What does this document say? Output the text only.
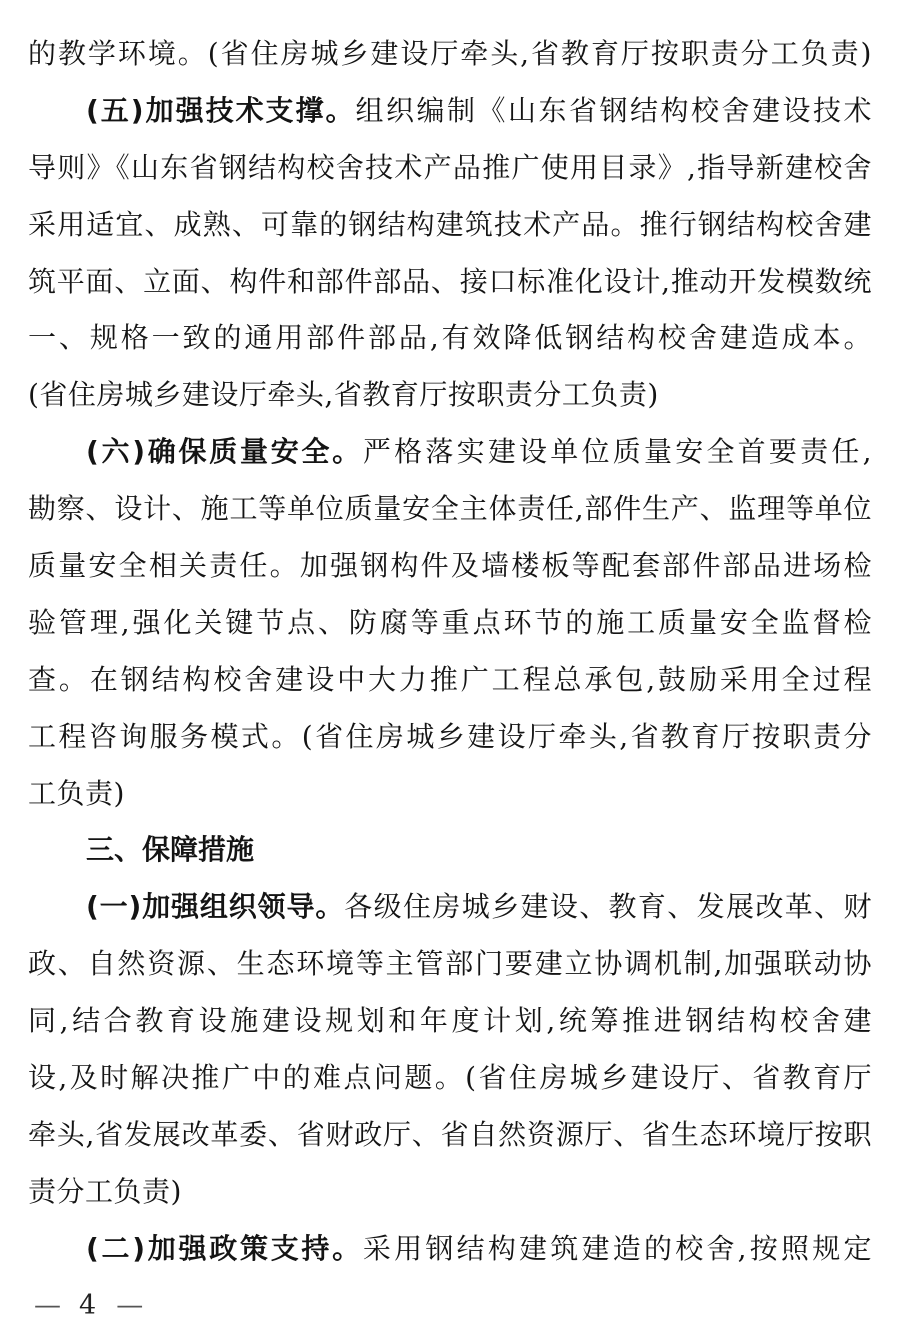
的教学环境。(省住房城乡建设厅牵头,省教育厅按职责分工负责)
(五)加强技术支撑。组织编制《山东省钢结构校舍建设技术
导则》《山东省钢结构校舍技术产品推广使用目录》,指导新建校舍
采用适宜、成熟、可靠的钢结构建筑技术产品。推行钢结构校舍建
筑平面、立面、构件和部件部品、接口标准化设计,推动开发模数统
一、规格一致的通用部件部品,有效降低钢结构校舍建造成本。
(省住房城乡建设厅牵头,省教育厅按职责分工负责)
(六)确保质量安全。严格落实建设单位质量安全首要责任,
勘察、设计、施工等单位质量安全主体责任,部件生产、监理等单位
质量安全相关责任。加强钢构件及墙楼板等配套部件部品进场检
验管理,强化关键节点、防腐等重点环节的施工质量安全监督检
查。在钢结构校舍建设中大力推广工程总承包,鼓励采用全过程
工程咨询服务模式。(省住房城乡建设厅牵头,省教育厅按职责分
工负责)
三、保障措施
(一)加强组织领导。各级住房城乡建设、教育、发展改革、财
政、自然资源、生态环境等主管部门要建立协调机制,加强联动协
同,结合教育设施建设规划和年度计划,统筹推进钢结构校舍建
设,及时解决推广中的难点问题。(省住房城乡建设厅、省教育厅
牵头,省发展改革委、省财政厅、省自然资源厅、省生态环境厅按职
责分工负责)
(二)加强政策支持。采用钢结构建筑建造的校舍,按照规定
— 4 —
